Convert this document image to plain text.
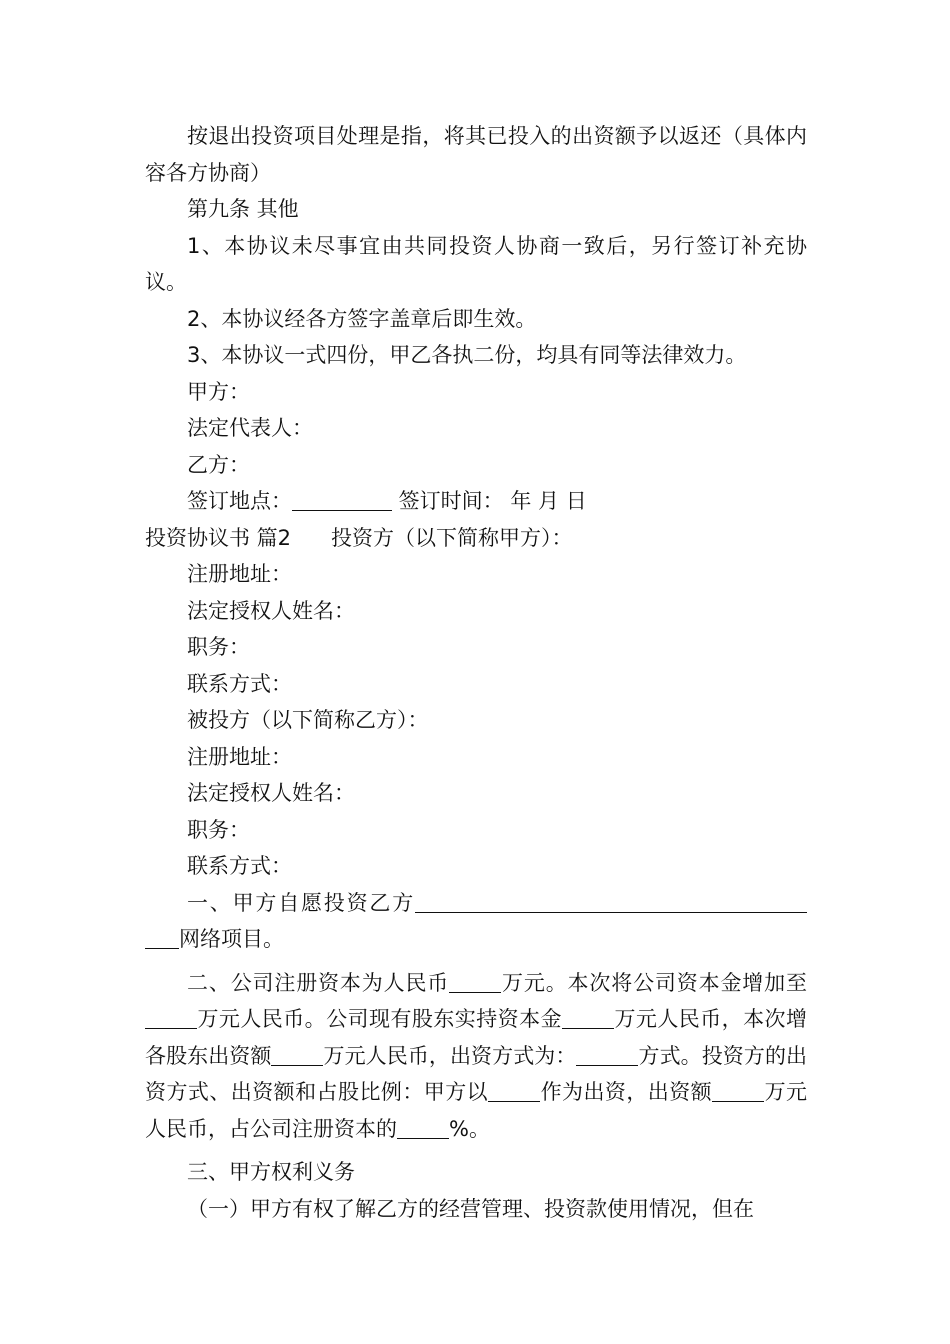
按退出投资项目处理是指，将其已投入的出资额予以返还（具体内容各方协商）

第九条 其他

1、本协议未尽事宜由共同投资人协商一致后，另行签订补充协议。

2、本协议经各方签字盖章后即生效。

3、本协议一式四份，甲乙各执二份，均具有同等法律效力。

甲方：

法定代表人：

乙方：

签订地点：	签订时间： 年 月 日

投资协议书 篇2 投资方（以下简称甲方）：

注册地址：

法定授权人姓名：

职务：

联系方式：

被投方（以下简称乙方）：

注册地址：

法定授权人姓名：

职务：

联系方式：

一、甲方自愿投资乙方网络项目。

二、公司注册资本为人民币 万元。本次将公司资本金增加至万元人民币。公司现有股东实持资本金 万元人民币，本次增各股东出资额 万元人民币，出资方式为：	方式。投资方的出资方式、出资额和占股比例：甲方以 作为出资，出资额 万元人民币，占公司注册资本的 %。

三、甲方权利义务

（一）甲方有权了解乙方的经营管理、投资款使用情况，但在
